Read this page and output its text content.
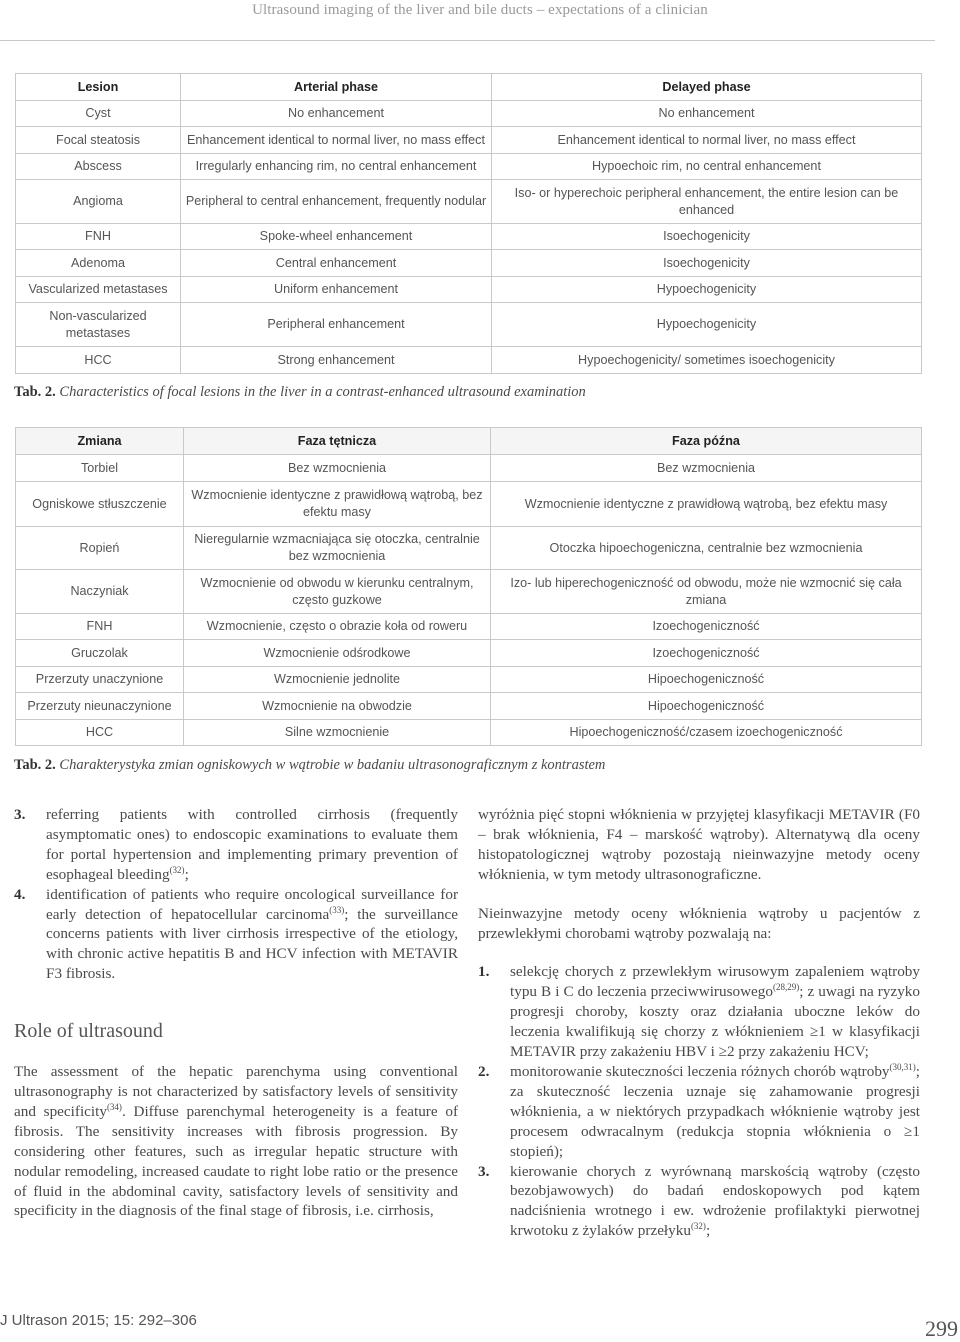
Ultrasound imaging of the liver and bile ducts – expectations of a clinician
Lesion	Arterial phase	Delayed phase
Cyst	No enhancement	No enhancement
Focal steatosis	Enhancement identical to normal liver, no mass effect	Enhancement identical to normal liver, no mass effect
Abscess	Irregularly enhancing rim, no central enhancement	Hypoechoic rim, no central enhancement
Angioma	Peripheral to central enhancement, frequently nodular	Iso- or hyperechoic peripheral enhancement, the entire lesion can be enhanced
FNH	Spoke-wheel enhancement	Isoechogenicity
Adenoma	Central enhancement	Isoechogenicity
Vascularized metastases	Uniform enhancement	Hypoechogenicity
Non-vascularized metastases	Peripheral enhancement	Hypoechogenicity
HCC	Strong enhancement	Hypoechogenicity/ sometimes isoechogenicity
Tab. 2. Characteristics of focal lesions in the liver in a contrast-enhanced ultrasound examination
Zmiana	Faza tętnicza	Faza późna
Torbiel	Bez wzmocnienia	Bez wzmocnienia
Ogniskowe stłuszczenie	Wzmocnienie identyczne z prawidłową wątrobą, bez efektu masy	Wzmocnienie identyczne z prawidłową wątrobą, bez efektu masy
Ropień	Nieregularnie wzmacniająca się otoczka, centralnie bez wzmocnienia	Otoczka hipoechogeniczna, centralnie bez wzmocnienia
Naczyniak	Wzmocnienie od obwodu w kierunku centralnym, często guzkowe	Izo- lub hiperechogeniczność od obwodu, może nie wzmocnić się cała zmiana
FNH	Wzmocnienie, często o obrazie koła od roweru	Izoechogeniczność
Gruczolak	Wzmocnienie odśrodkowe	Izoechogeniczność
Przerzuty unaczynione	Wzmocnienie jednolite	Hipoechogeniczność
Przerzuty nieunaczynione	Wzmocnienie na obwodzie	Hipoechogeniczność
HCC	Silne wzmocnienie	Hipoechogeniczność/czasem izoechogeniczność
Tab. 2. Charakterystyka zmian ogniskowych w wątrobie w badaniu ultrasonograficznym z kontrastem
3. referring patients with controlled cirrhosis (frequently asymptomatic ones) to endoscopic examinations to evaluate them for portal hypertension and implementing primary prevention of esophageal bleeding$^{(32)}$;
4. identification of patients who require oncological surveillance for early detection of hepatocellular carcinoma$^{(33)}$; the surveillance concerns patients with liver cirrhosis irrespective of the etiology, with chronic active hepatitis B and HCV infection with METAVIR F3 fibrosis.
Role of ultrasound

The assessment of the hepatic parenchyma using conventional ultrasonography is not characterized by satisfactory levels of sensitivity and specificity$^{(34)}$. Diffuse parenchymal heterogeneity is a feature of fibrosis. The sensitivity increases with fibrosis progression. By considering other features, such as irregular hepatic structure with nodular remodeling, increased caudate to right lobe ratio or the presence of fluid in the abdominal cavity, satisfactory levels of sensitivity and specificity in the diagnosis of the final stage of fibrosis, i.e. cirrhosis,

wyróżnia pięć stopni włóknienia w przyjętej klasyfikacji METAVIR (F0 – brak włóknienia, F4 – marskość wątroby). Alternatywą dla oceny histopatologicznej wątroby pozostają nieinwazyjne metody oceny włóknienia, w tym metody ultrasonograficzne.

Nieinwazyjne metody oceny włóknienia wątroby u pacjentów z przewlekłymi chorobami wątroby pozwalają na:

1. selekcję chorych z przewlekłym wirusowym zapaleniem wątroby typu B i C do leczenia przeciwwirusowego$^{(28,29)}$; z uwagi na ryzyko progresji choroby, koszty oraz działania uboczne leków do leczenia kwalifikują się chorzy z włóknieniem ≥1 w klasyfikacji METAVIR przy zakażeniu HBV i ≥2 przy zakażeniu HCV;
2. monitorowanie skuteczności leczenia różnych chorób wątroby$^{(30,31)}$; za skuteczność leczenia uznaje się zahamowanie progresji włóknienia, a w niektórych przypadkach włóknienie wątroby jest procesem odwracalnym (redukcja stopnia włóknienia o ≥1 stopień);
3. kierowanie chorych z wyrównaną marskością wątroby (często bezobjawowych) do badań endoskopowych pod kątem nadciśnienia wrotnego i ew. wdrożenie profilaktyki pierwotnej krwotoku z żylaków przełyku$^{(32)}$;
J Ultrason 2015; 15: 292–306	299
